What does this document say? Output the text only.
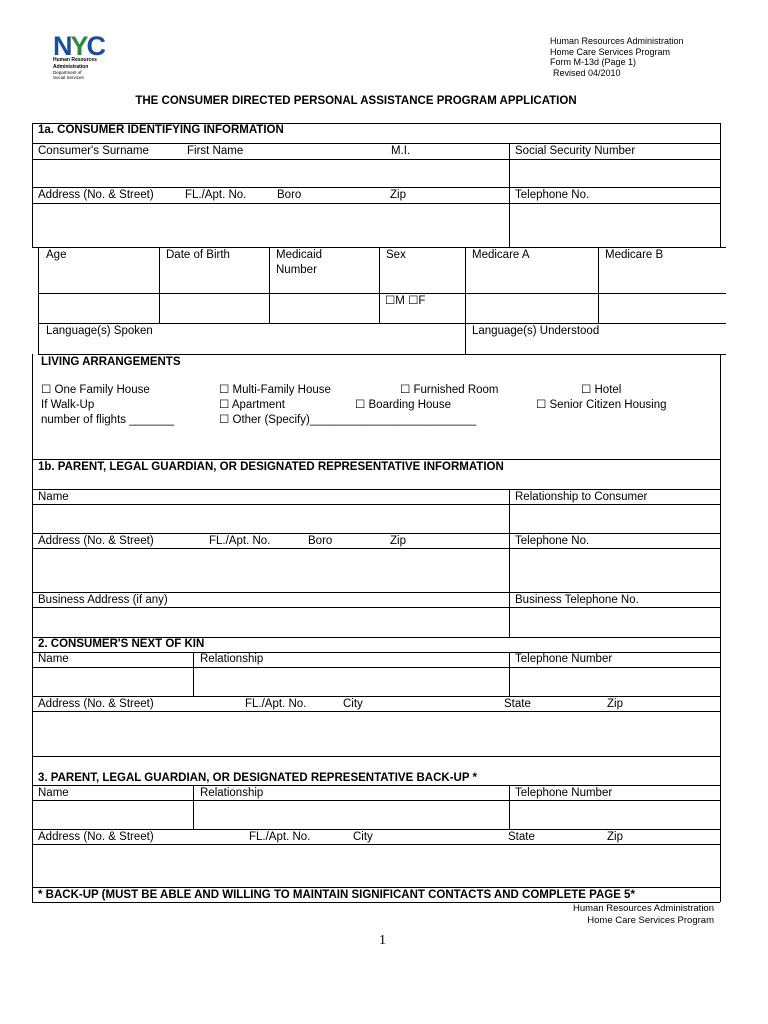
NYC
Human Resources
Administration
Department of
Social Services
Human Resources Administration
Home Care Services Program
Form M-13d (Page 1)
Revised 04/2010
THE CONSUMER DIRECTED PERSONAL ASSISTANCE PROGRAM APPLICATION
1a. CONSUMER IDENTIFYING INFORMATION
Consumer's Surname	First Name	M.I.	Social Security Number
Address (No. & Street)	FL./Apt. No.	Boro	Zip	Telephone No.
Age	Date of Birth	Medicaid
Number
Sex	Medicare A	Medicare B
☐M ☐F
Language(s) Spoken	Language(s) Understood
LIVING ARRANGEMENTS
☐ One Family House	☐ Multi-Family House	☐ Furnished Room	☐ Hotel
If Walk-Up	☐ Apartment	☐ Boarding House	☐ Senior Citizen Housing
number of flights _______	☐ Other (Specify)__________________________
1b. PARENT, LEGAL GUARDIAN, OR DESIGNATED REPRESENTATIVE INFORMATION
Name	Relationship to Consumer
Address (No. & Street)	FL./Apt. No.	Boro	Zip	Telephone No.
Business Address (if any)	Business Telephone No.
2. CONSUMER'S NEXT OF KIN
Name	Relationship	Telephone Number
Address (No. & Street)	FL./Apt. No.	City	State	Zip
3. PARENT, LEGAL GUARDIAN, OR DESIGNATED REPRESENTATIVE BACK-UP *
Name	Relationship	Telephone Number
Address (No. & Street)	FL./Apt. No.	City	State	Zip
* BACK-UP (MUST BE ABLE AND WILLING TO MAINTAIN SIGNIFICANT CONTACTS AND COMPLETE PAGE 5*
Human Resources Administration
Home Care Services Program
1
